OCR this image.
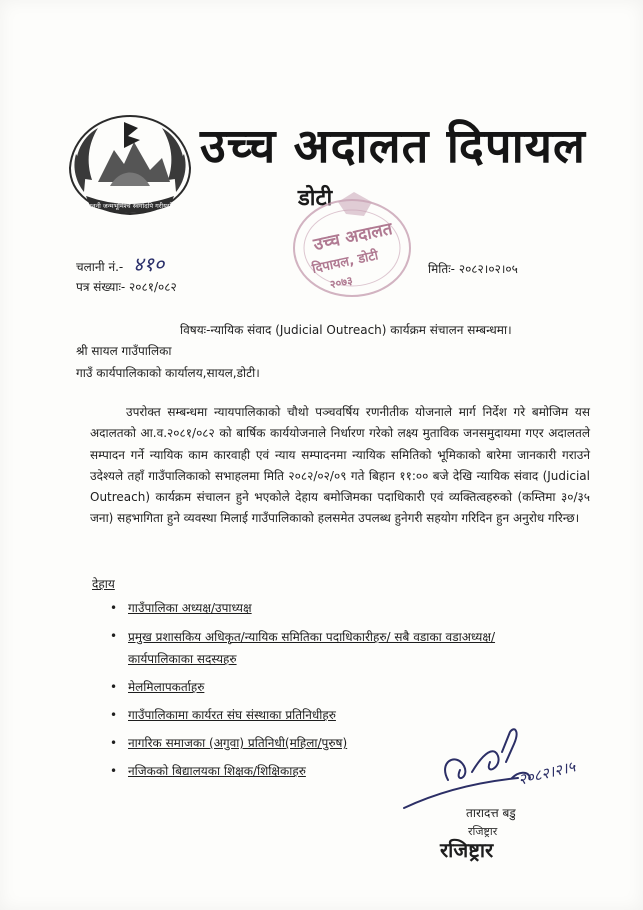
जननी जन्मभूमिश्च स्वर्गादपि गरीयसी
उच्च अदालत दिपायल
डोटी
उच्च अदालत
दिपायल, डोटी
२०७३
चलानी नं.- ४१०
पत्र संख्याः- २०८१/०८२
मितिः- २०८२।०२।०५
विषयः-न्यायिक संवाद (Judicial Outreach) कार्यक्रम संचालन सम्बन्धमा।
श्री सायल गाउँपालिका
गाउँ कार्यपालिकाको कार्यालय,सायल,डोटी।
उपरोक्त सम्बन्धमा न्यायपालिकाको चौथो पञ्चवर्षिय रणनीतीक योजनाले मार्ग निर्देश गरे बमोजिम यस अदालतको आ.व.२०८१/०८२ को बार्षिक कार्ययोजनाले निर्धारण गरेको लक्ष्य मुताविक जनसमुदायमा गएर अदालतले सम्पादन गर्ने न्यायिक काम कारवाही एवं न्याय सम्पादनमा न्यायिक समितिको भूमिकाको बारेमा जानकारी गराउने उदेश्यले तहाँ गाउँपालिकाको सभाहलमा मिति २०८२/०२/०९ गते बिहान ११:०० बजे देखि न्यायिक संवाद (Judicial Outreach) कार्यक्रम संचालन हुने भएकोले देहाय बमोजिमका पदाधिकारी एवं व्यक्तित्वहरुको (कम्तिमा ३०/३५ जना) सहभागिता हुने व्यवस्था मिलाई गाउँपालिकाको हलसमेत उपलब्ध हुनेगरी सहयोग गरिदिन हुन अनुरोध गरिन्छ।
देहाय
• गाउँपालिका अध्यक्ष/उपाध्यक्ष
• प्रमुख प्रशासकिय अधिकृत/न्यायिक समितिका पदाधिकारीहरु/ सबै वडाका वडाअध्यक्ष/कार्यपालिकाका सदस्यहरु
• मेलमिलापकर्ताहरु
• गाउँपालिकामा कार्यरत संघ संस्थाका प्रतिनिधीहरु
• नागरिक समाजका (अगुवा) प्रतिनिधी(महिला/पुरुष)
• नजिकको बिद्यालयका शिक्षक/शिक्षिकाहरु	२०८२।२।५
तारादत्त बडु
रजिष्ट्रार
रजिष्ट्रार
